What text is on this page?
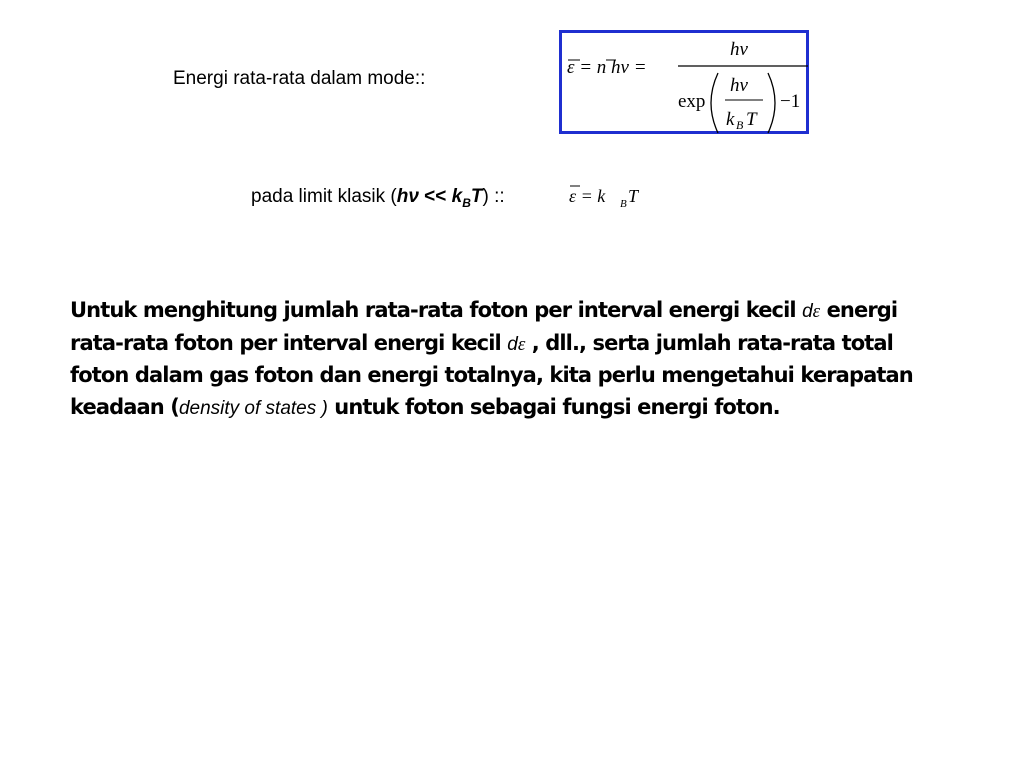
Energi rata-rata dalam mode::
ε = n hν =
hν
exp
hν
k B T
−1
pada limit klasik $(h\nu << k_BT)$ ::	ε = k B T
Untuk menghitung jumlah rata-rata foton per interval energi kecil dε energi rata-rata foton per interval energi kecil dε , dll., serta jumlah rata-rata total foton dalam gas foton dan energi totalnya, kita perlu mengetahui kerapatan keadaan (density of states ) untuk foton sebagai fungsi energi foton.
